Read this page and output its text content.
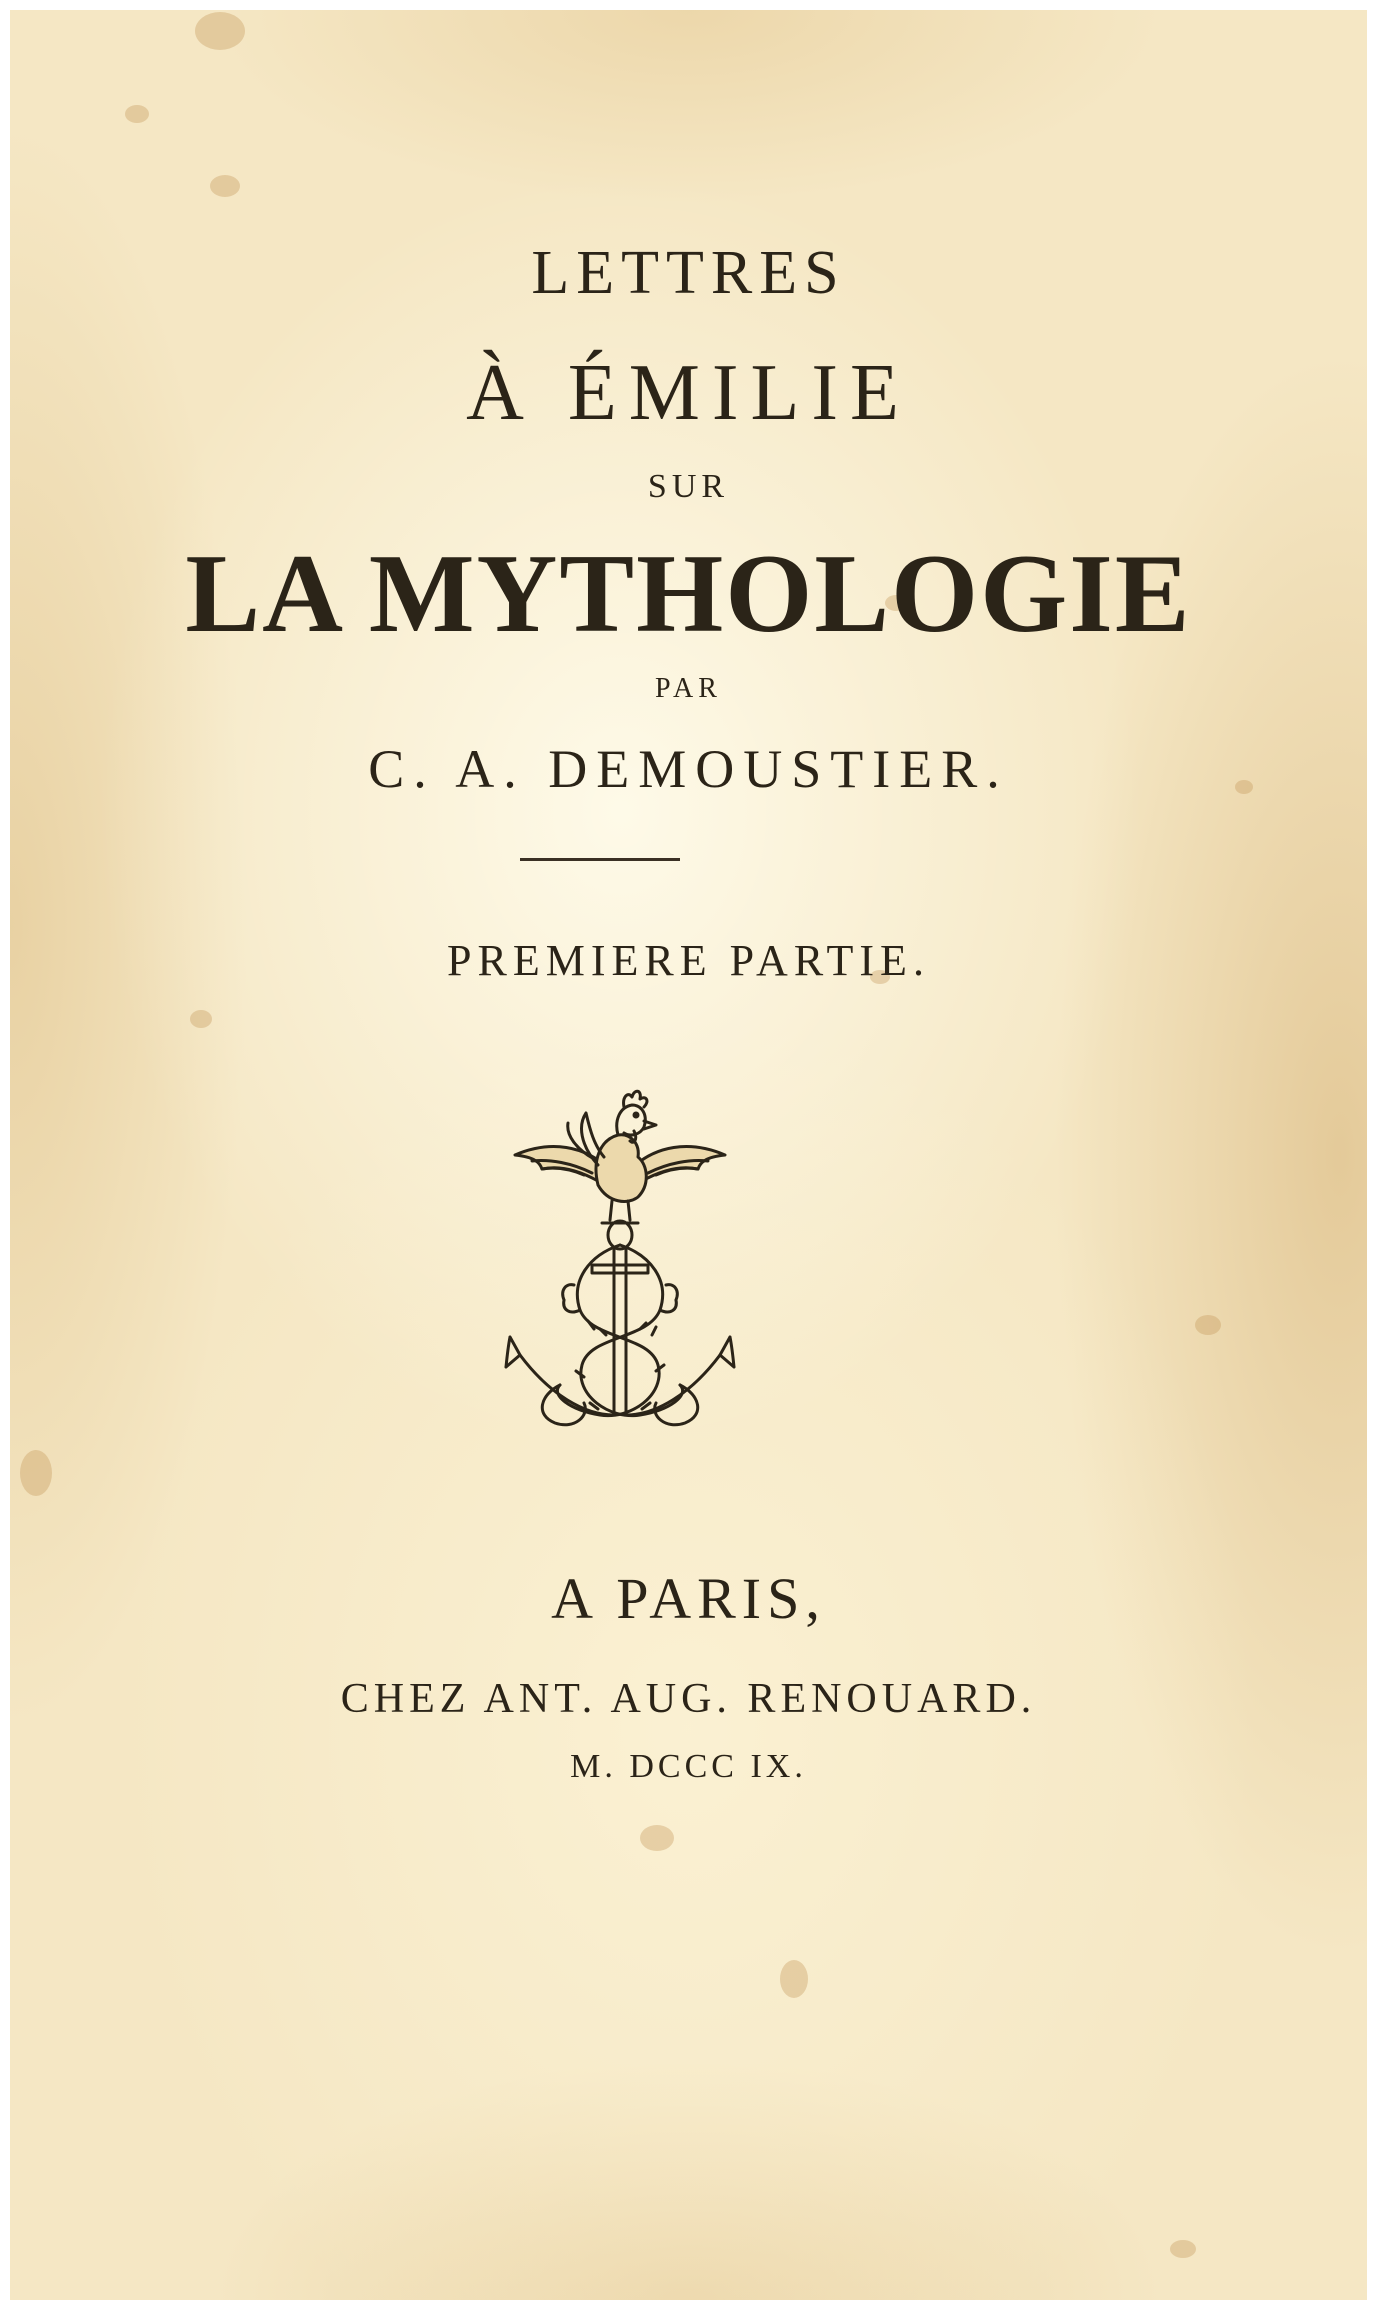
LETTRES
À ÉMILIE
SUR
LA MYTHOLOGIE
PAR
C. A. DEMOUSTIER.
PREMIERE PARTIE.
A PARIS,
CHEZ ANT. AUG. RENOUARD.
M. DCCC IX.
